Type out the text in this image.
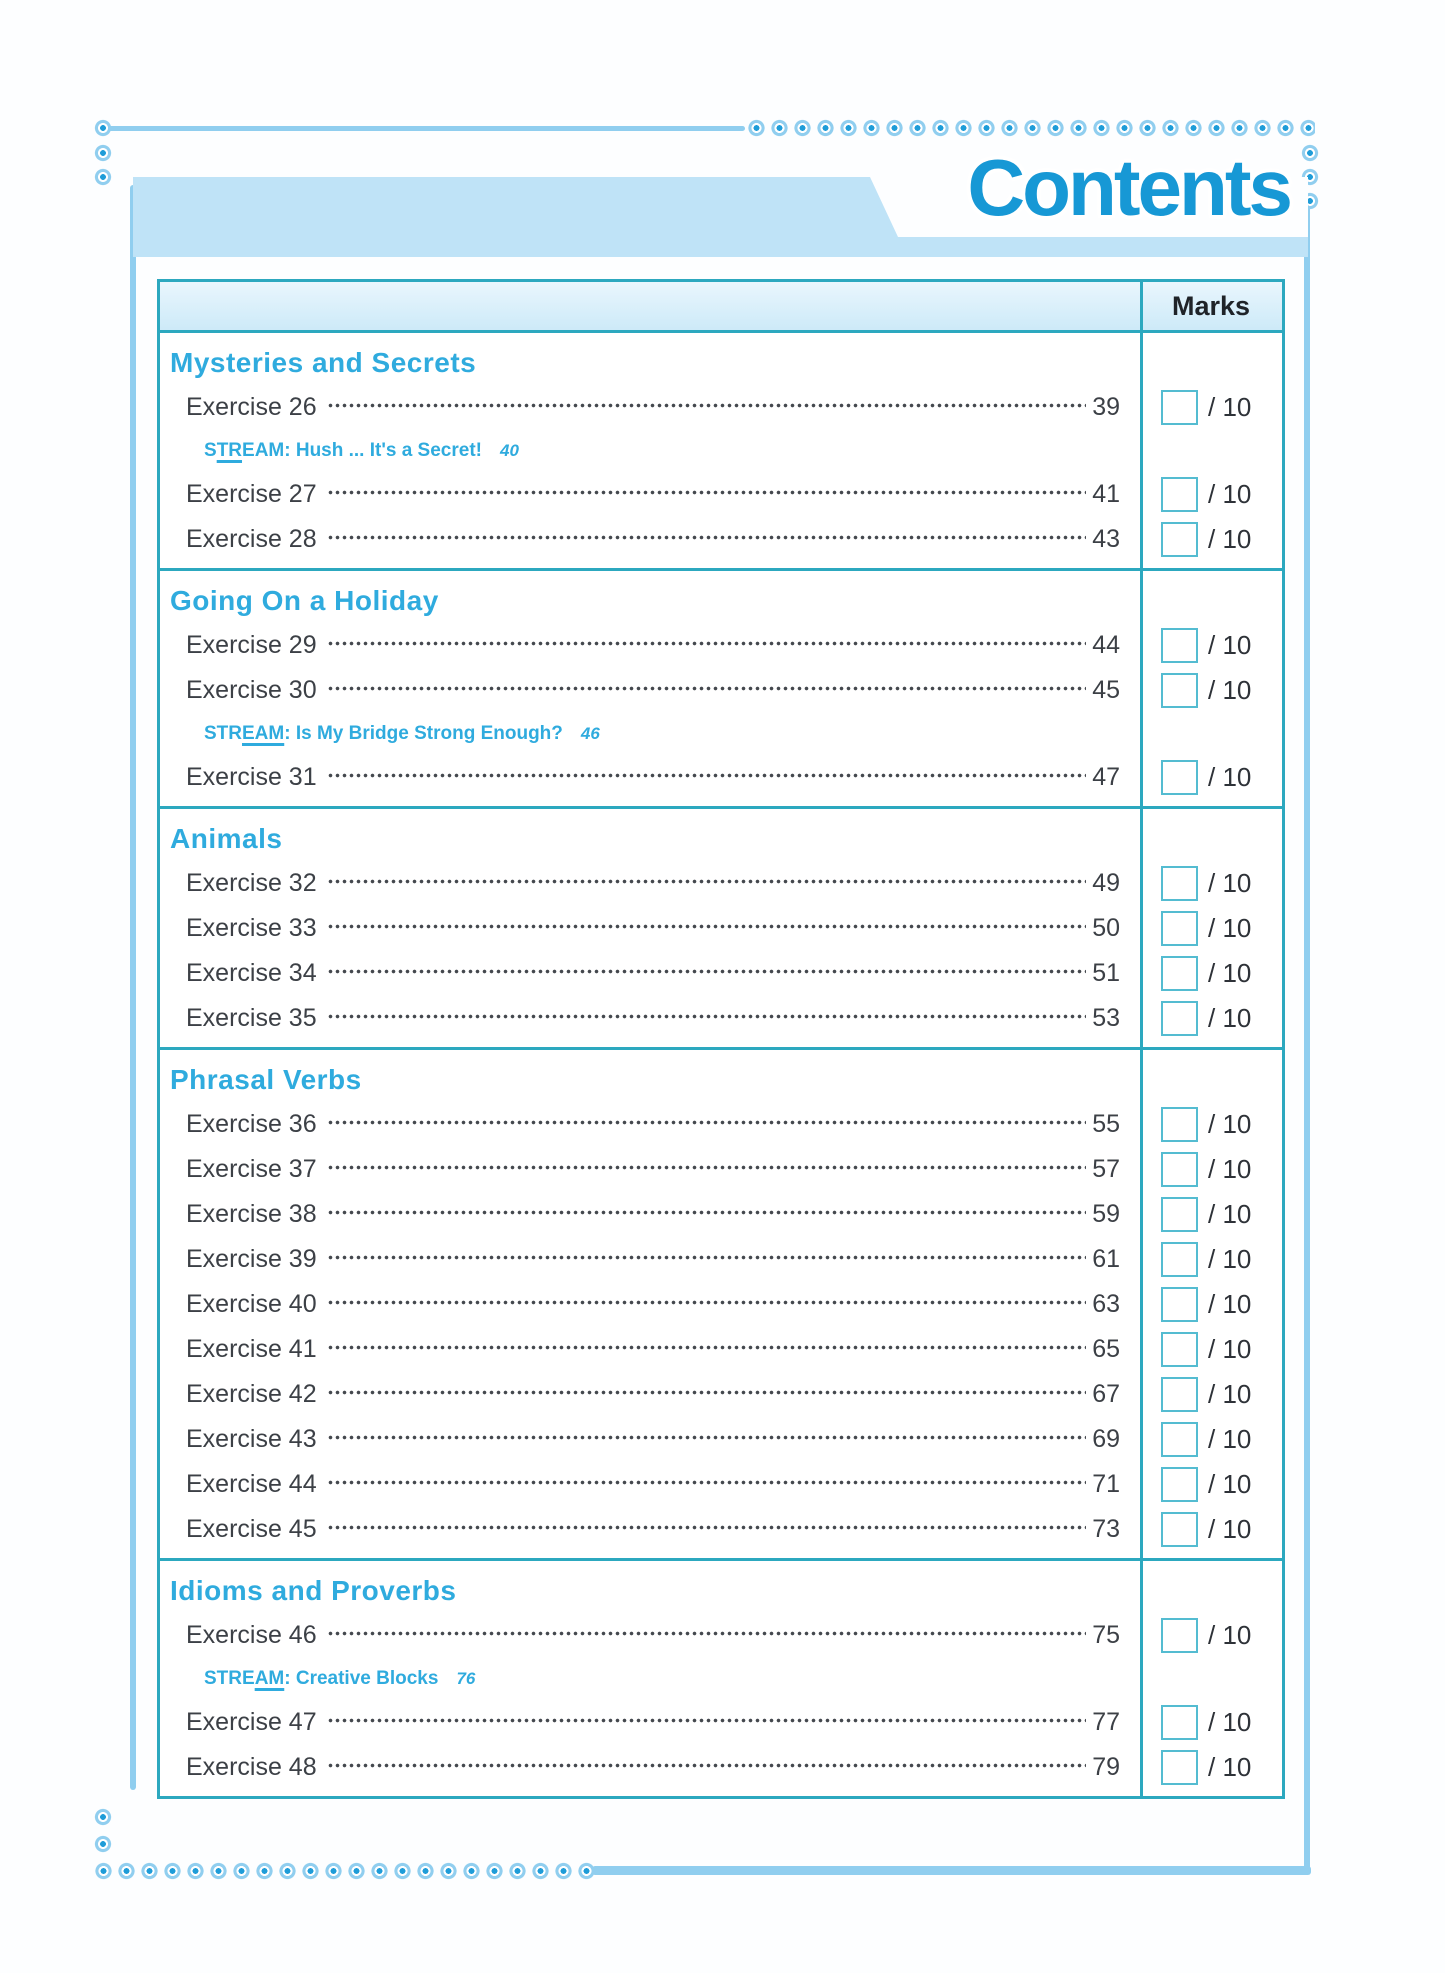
Contents
Marks
Mysteries and Secrets
Exercise 26	39	/ 10
STREAM: Hush ... It's a Secret! 40
Exercise 27	41	/ 10
Exercise 28	43	/ 10
Going On a Holiday
Exercise 29	44	/ 10
Exercise 30	45	/ 10
STREAM: Is My Bridge Strong Enough? 46
Exercise 31	47	/ 10
Animals
Exercise 32	49	/ 10
Exercise 33	50	/ 10
Exercise 34	51	/ 10
Exercise 35	53	/ 10
Phrasal Verbs
Exercise 36	55	/ 10
Exercise 37	57	/ 10
Exercise 38	59	/ 10
Exercise 39	61	/ 10
Exercise 40	63	/ 10
Exercise 41	65	/ 10
Exercise 42	67	/ 10
Exercise 43	69	/ 10
Exercise 44	71	/ 10
Exercise 45	73	/ 10
Idioms and Proverbs
Exercise 46	75	/ 10
STREAM: Creative Blocks 76
Exercise 47	77	/ 10
Exercise 48	79	/ 10
